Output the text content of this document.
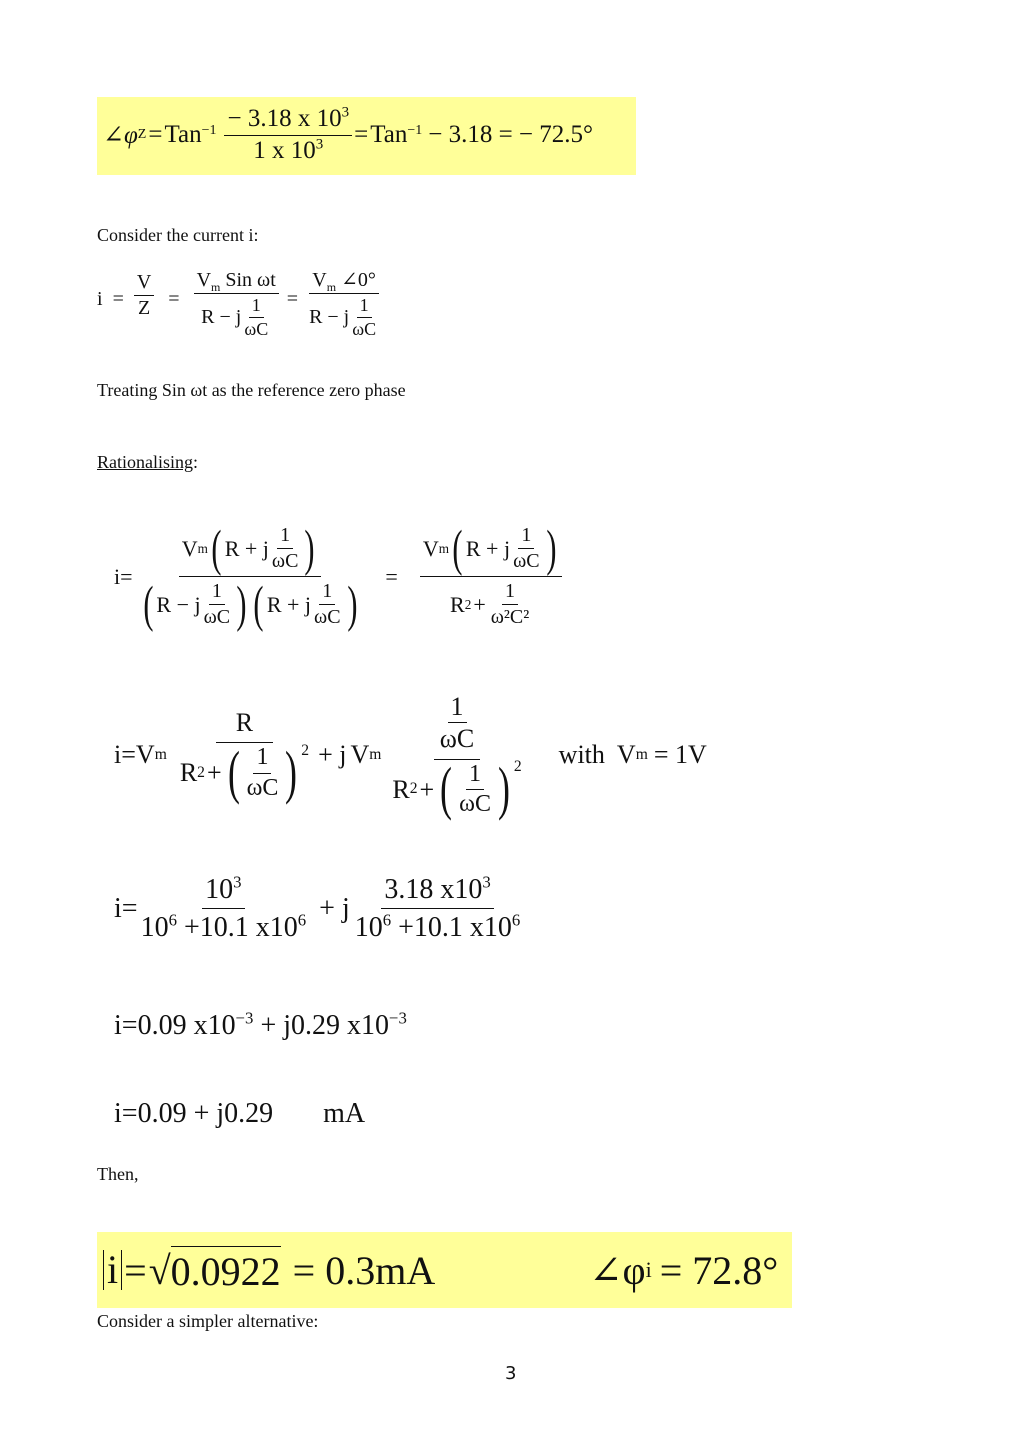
∠φ $Z = Tan^{-1} \frac{- 3.18 x 10^3}{1 x 10^3} = Tan^{-1} - 3.18$ = − 72.5°
Consider the current i:
$i = \frac{V}{Z} = \frac{V_m Sin \omega t}{R - j \frac{1}{\omega C}} = \frac{V_m \angle 0^\circ}{R - j \frac{1}{\omega C}}$
Treating Sin ωt as the reference zero phase
Rationalising:
$i = \frac{V m ( R + j \frac{1}{\omega C} )}{( R - j \frac{1}{\omega C} ) ( R + j \frac{1}{\omega C} )} = \frac{V m ( R + j \frac{1}{\omega C} )}{R 2 + \frac{1}{\text{ω²C²}}}$
i = V m $\frac{R}{R 2 + ( \frac{1}{\omega C} ) ^2} + j$ V m $\frac{\frac{1}{\omega C}}{R 2 + ( \frac{1}{\omega C} ) ^2}$ with V m = 1V
$i = \frac{10^3}{10^6 +10.1 x10^6} + j \frac{3.18 x10^3}{10^6 +10.1 x10^6}$
i=0.09 $x10^{-3} + j0.29$ $x10^{-3}$
i=0.09 + j0.29 mA
Then,
i = √ 0.0922 = 0.3mA	∠φ i = 72.8°
Consider a simpler alternative:
3
